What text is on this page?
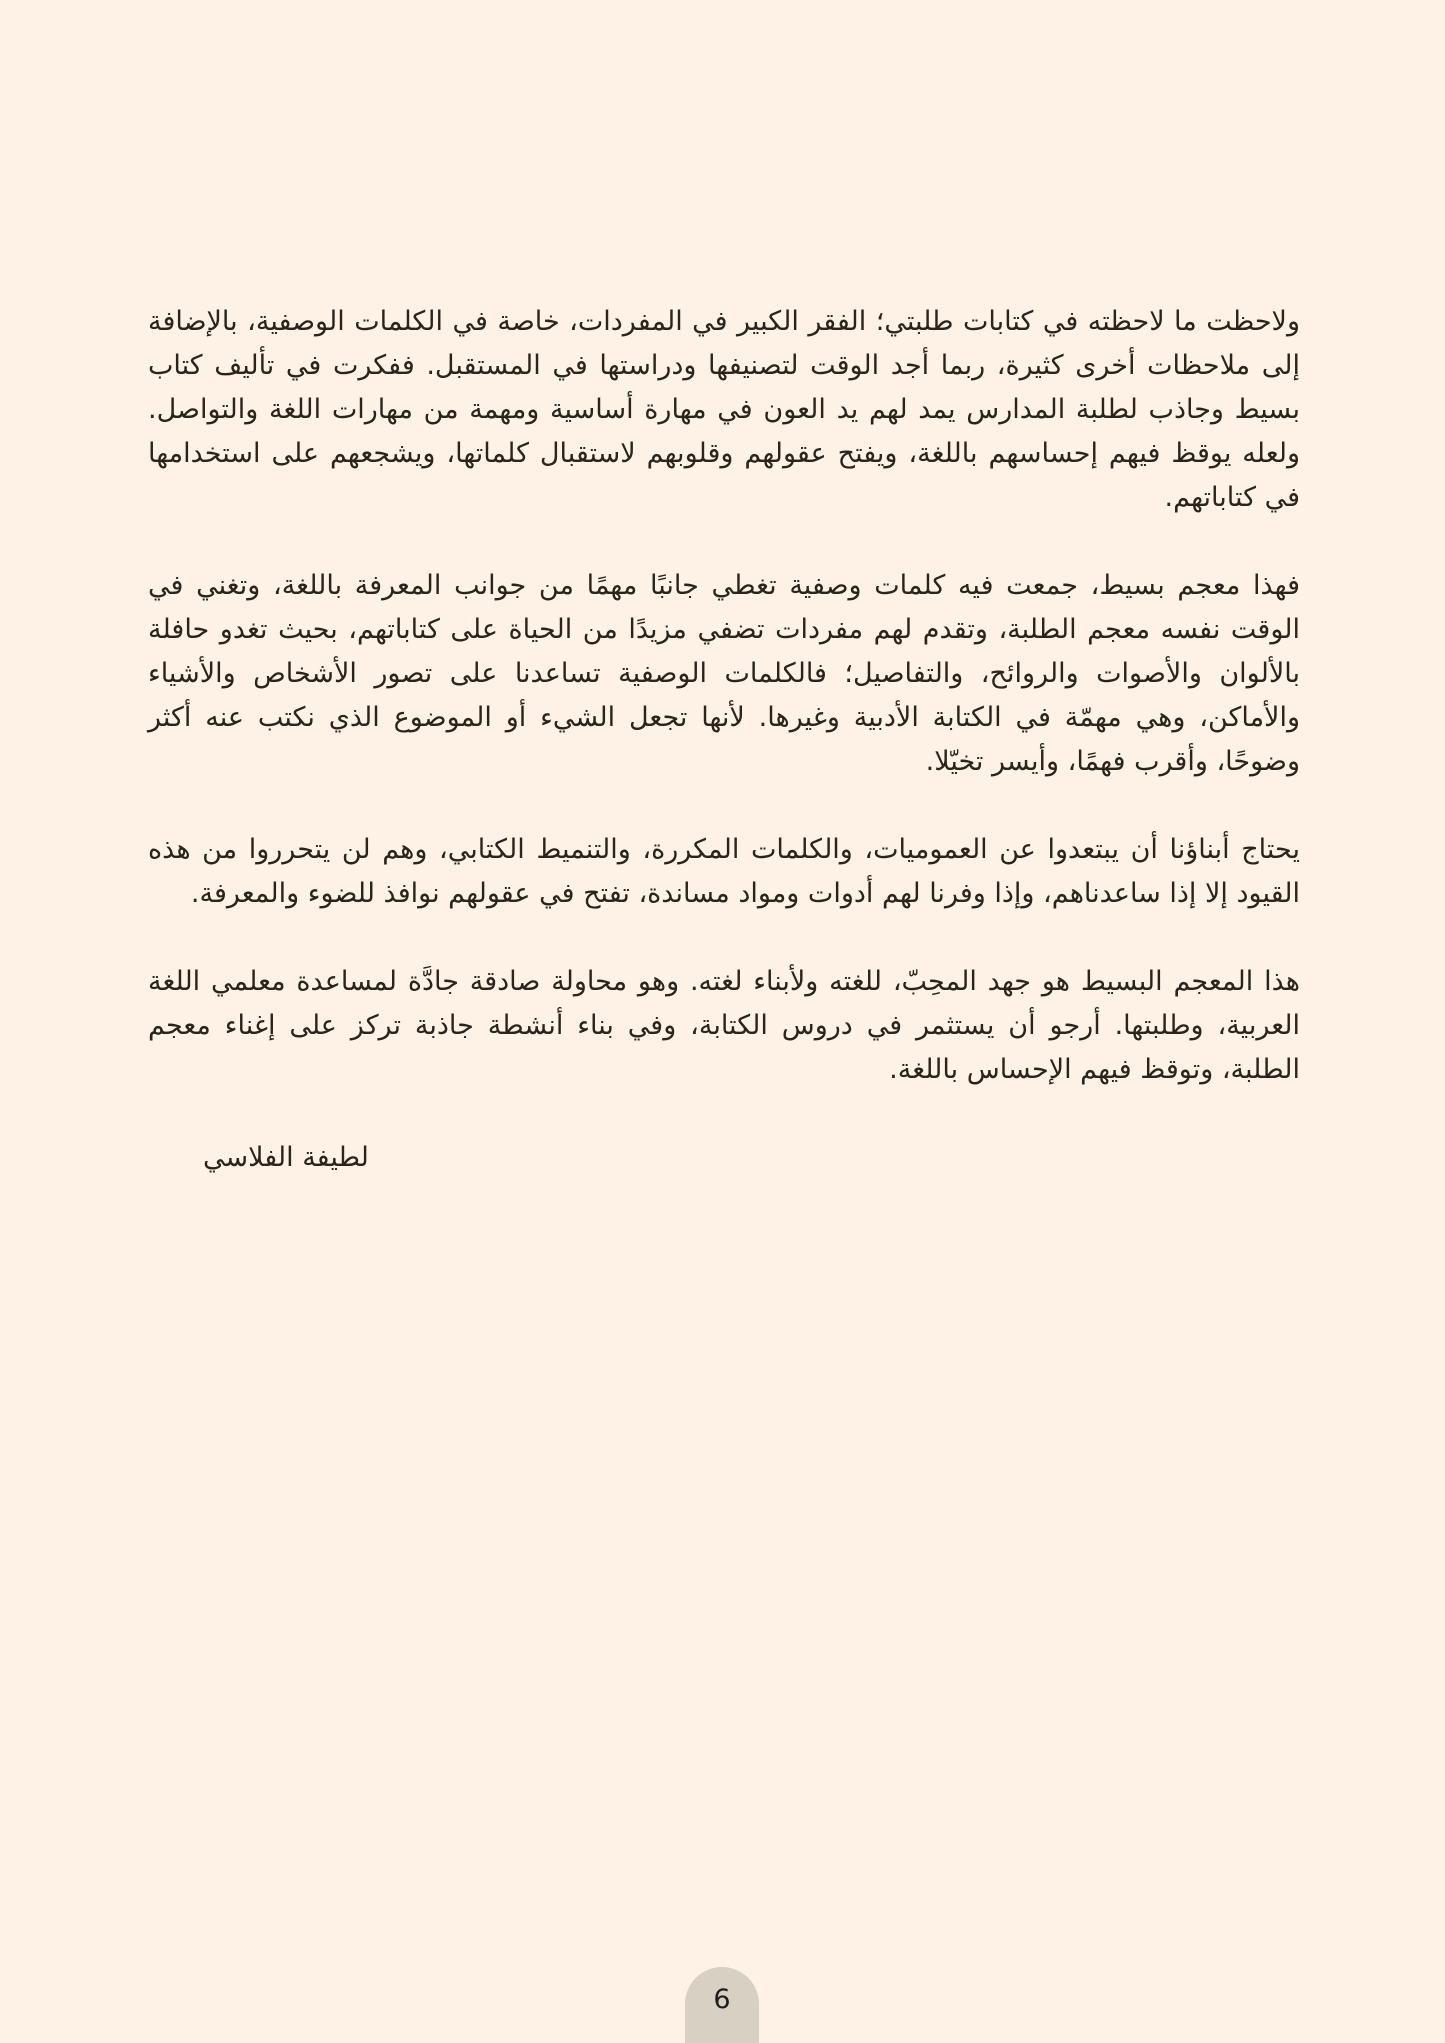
ولاحظت ما لاحظته في كتابات طلبتي؛ الفقر الكبير في المفردات، خاصة في الكلمات الوصفية، بالإضافة إلى ملاحظات أخرى كثيرة، ربما أجد الوقت لتصنيفها ودراستها في المستقبل. ففكرت في تأليف كتاب بسيط وجاذب لطلبة المدارس يمد لهم يد العون في مهارة أساسية ومهمة من مهارات اللغة والتواصل. ولعله يوقظ فيهم إحساسهم باللغة، ويفتح عقولهم وقلوبهم لاستقبال كلماتها، ويشجعهم على استخدامها في كتاباتهم.

فهذا معجم بسيط، جمعت فيه كلمات وصفية تغطي جانبًا مهمًا من جوانب المعرفة باللغة، وتغني في الوقت نفسه معجم الطلبة، وتقدم لهم مفردات تضفي مزيدًا من الحياة على كتاباتهم، بحيث تغدو حافلة بالألوان والأصوات والروائح، والتفاصيل؛ فالكلمات الوصفية تساعدنا على تصور الأشخاص والأشياء والأماكن، وهي مهمّة في الكتابة الأدبية وغيرها. لأنها تجعل الشيء أو الموضوع الذي نكتب عنه أكثر وضوحًا، وأقرب فهمًا، وأيسر تخيّلا.

يحتاج أبناؤنا أن يبتعدوا عن العموميات، والكلمات المكررة، والتنميط الكتابي، وهم لن يتحرروا من هذه القيود إلا إذا ساعدناهم، وإذا وفرنا لهم أدوات ومواد مساندة، تفتح في عقولهم نوافذ للضوء والمعرفة.

هذا المعجم البسيط هو جهد المحِبّ، للغته ولأبناء لغته. وهو محاولة صادقة جادَّة لمساعدة معلمي اللغة العربية، وطلبتها. أرجو أن يستثمر في دروس الكتابة، وفي بناء أنشطة جاذبة تركز على إغناء معجم الطلبة، وتوقظ فيهم الإحساس باللغة.

لطيفة الفلاسي

6
